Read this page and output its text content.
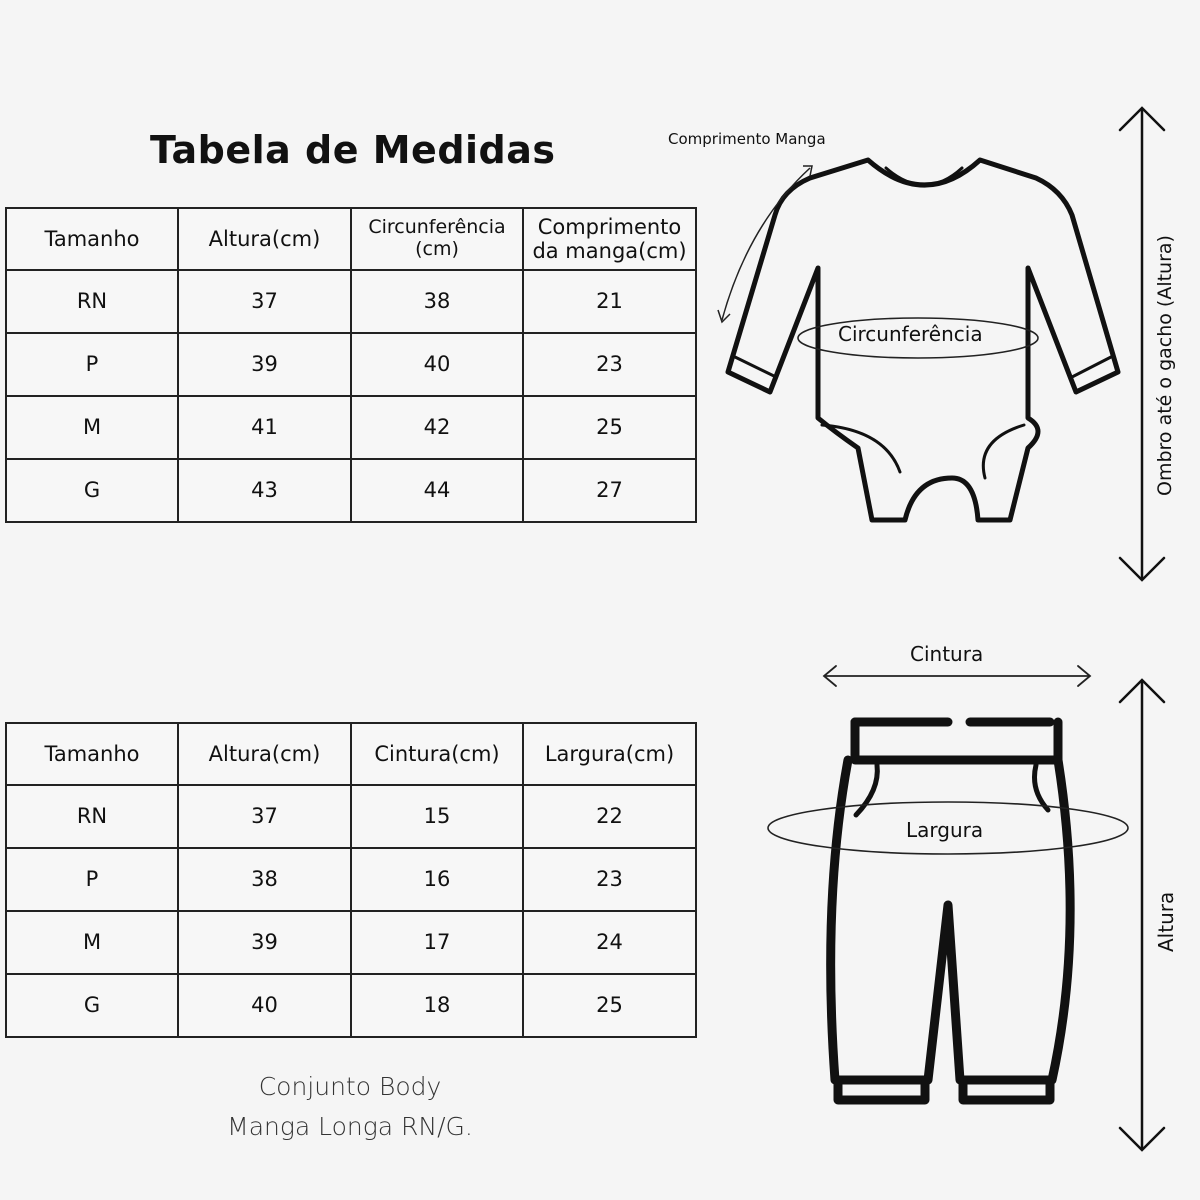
Tabela de Medidas
Tamanho	Altura(cm)	Circunferência (cm)	Comprimento da manga(cm)
RN	37	38	21
P	39	40	23
M	41	42	25
G	43	44	27
Tamanho	Altura(cm)	Cintura(cm)	Largura(cm)
RN	37	15	22
P	38	16	23
M	39	17	24
G	40	18	25
Conjunto Body
Manga Longa RN/G.
Comprimento Manga
Circunferência	Ombro até o gacho (Altura)
Cintura
Largura
Altura
